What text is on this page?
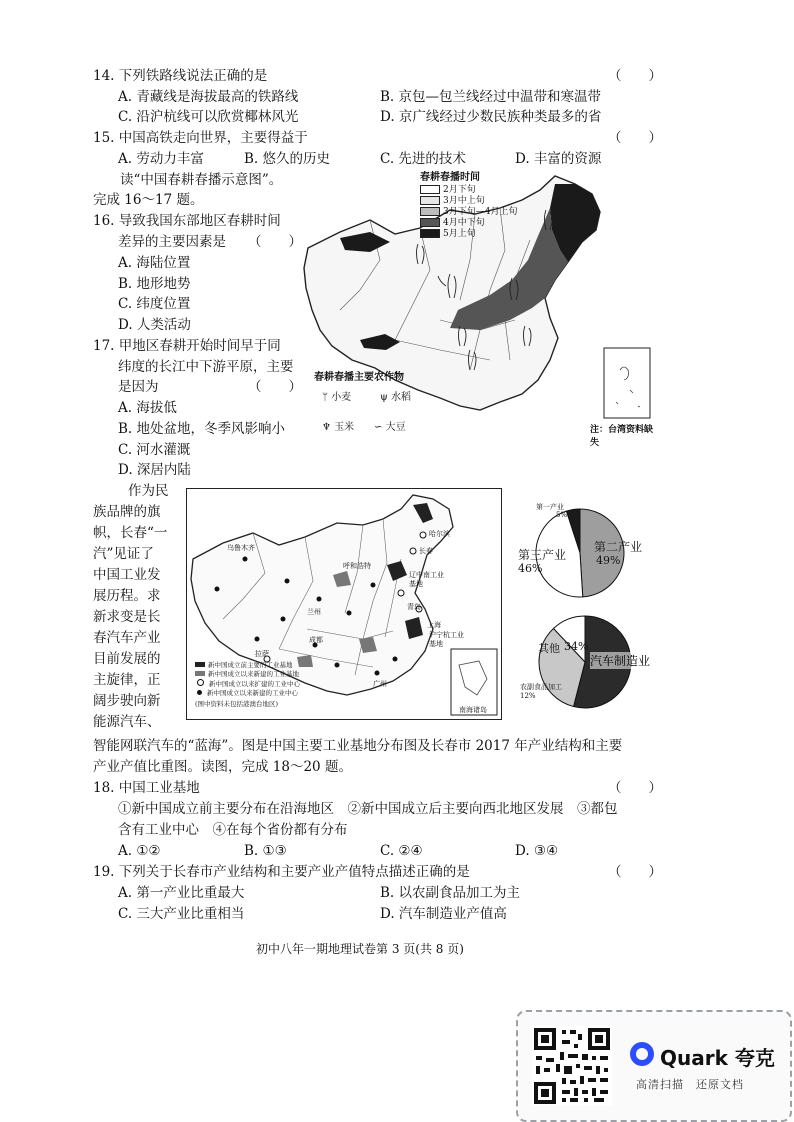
14. 下列铁路线说法正确的是	（　　）
A. 青藏线是海拔最高的铁路线	B. 京包—包兰线经过中温带和寒温带
C. 沿沪杭线可以欣赏椰林风光	D. 京广线经过少数民族种类最多的省
15. 中国高铁走向世界，主要得益于	（　　）
A. 劳动力丰富	B. 悠久的历史	C. 先进的技术	D. 丰富的资源
读“中国春耕春播示意图”。
完成 16～17 题。
16. 导致我国东部地区春耕时间
差异的主要因素是 （　　）
A. 海陆位置
B. 地形地势
C. 纬度位置
D. 人类活动
17. 甲地区春耕开始时间早于同
纬度的长江中下游平原，主要
是因为	（　　）
A. 海拔低
B. 地处盆地，冬季风影响小
C. 河水灌溉
D. 深居内陆
春耕春播时间
2月下旬
3月中上旬
3月下旬—4月上旬
4月中下旬
5月上旬
春耕春播主要农作物
ᛘ 小麦	ψ 水稻
♆ 玉米 ∽ 大豆	注：台湾资料缺失
作为民
族品牌的旗
帜，长春“一
汽”见证了
中国工业发
展历程。求
新求变是长
春汽车产业
目前发展的
主旋律，正
阔步驶向新
能源汽车、
智能网联汽车的“蓝海”。图是中国主要工业基地分布图及长春市 2017 年产业结构和主要
产业产值比重图。读图，完成 18～20 题。
乌鲁木齐
哈尔滨
长春
呼和浩特
辽中南工业基地
青岛
上海
沪宁杭工业基地
拉萨
兰州
成都
广州
新中国成立前主要的工业基地
新中国成立以来新建的工业基地
新中国成立以来扩建的工业中心
新中国成立以来新建的工业中心
(图中资料未包括港澳台地区)
南海诸岛
第一产业
5%
第二产业
49%
第三产业
46%
汽车制造业
其他 34%
农副食品加工
12%
18. 中国工业基地	（　　）
①新中国成立前主要分布在沿海地区　②新中国成立后主要向西北地区发展　③都包
含有工业中心　④在每个省份都有分布
A. ①②	B. ①③	C. ②④	D. ③④
19. 下列关于长春市产业结构和主要产业产值特点描述正确的是	（　　）
A. 第一产业比重最大	B. 以农副食品加工为主
C. 三大产业比重相当	D. 汽车制造业产值高
初中八年一期地理试卷第 3 页(共 8 页)
Quark 夸克
高清扫描　还原文档
